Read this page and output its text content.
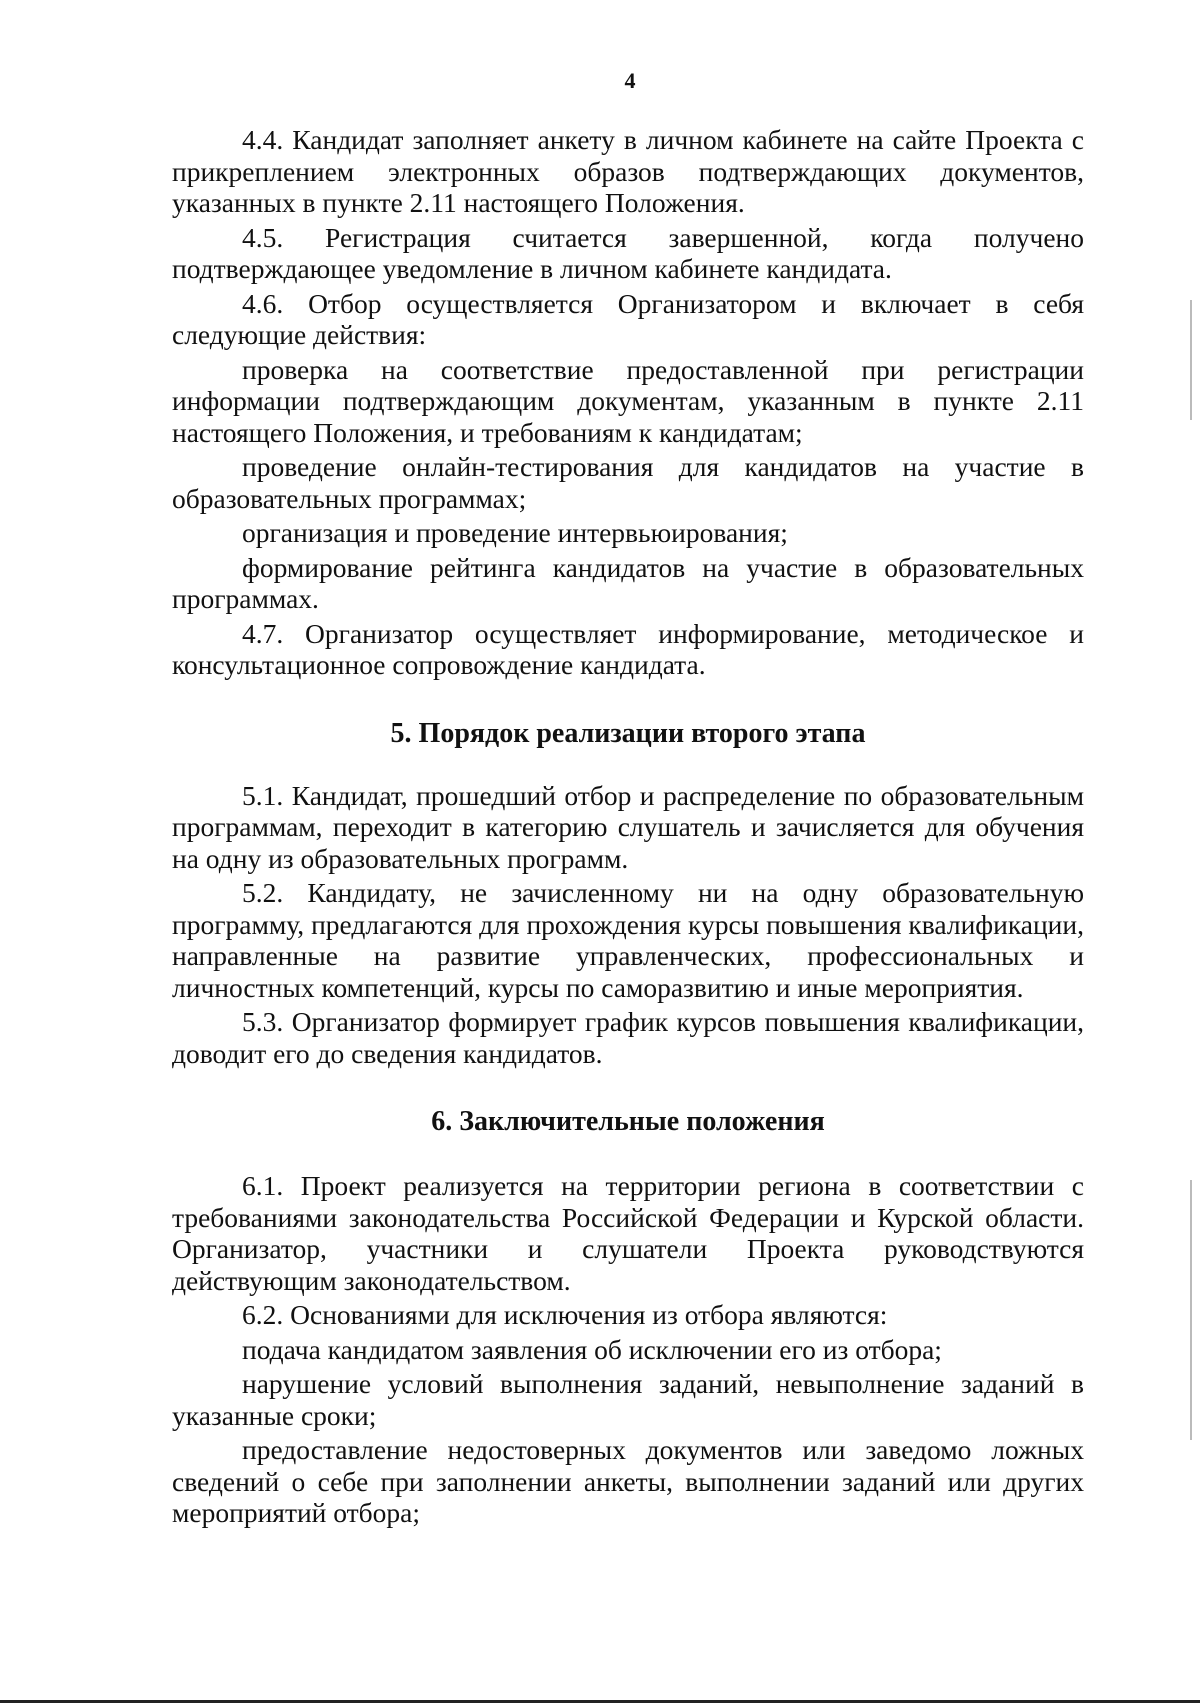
4

4.4. Кандидат заполняет анкету в личном кабинете на сайте Проекта с прикреплением электронных образов подтверждающих документов, указанных в пункте 2.11 настоящего Положения.

4.5. Регистрация считается завершенной, когда получено подтверждающее уведомление в личном кабинете кандидата.

4.6. Отбор осуществляется Организатором и включает в себя следующие действия:

проверка на соответствие предоставленной при регистрации информации подтверждающим документам, указанным в пункте 2.11 настоящего Положения, и требованиям к кандидатам;

проведение онлайн-тестирования для кандидатов на участие в образовательных программах;

организация и проведение интервьюирования;

формирование рейтинга кандидатов на участие в образовательных программах.

4.7. Организатор осуществляет информирование, методическое и консультационное сопровождение кандидата.

5. Порядок реализации второго этапа

5.1. Кандидат, прошедший отбор и распределение по образовательным программам, переходит в категорию слушатель и зачисляется для обучения на одну из образовательных программ.

5.2. Кандидату, не зачисленному ни на одну образовательную программу, предлагаются для прохождения курсы повышения квалификации, направленные на развитие управленческих, профессиональных и личностных компетенций, курсы по саморазвитию и иные мероприятия.

5.3. Организатор формирует график курсов повышения квалификации, доводит его до сведения кандидатов.

6. Заключительные положения

6.1. Проект реализуется на территории региона в соответствии с требованиями законодательства Российской Федерации и Курской области. Организатор, участники и слушатели Проекта руководствуются действующим законодательством.

6.2. Основаниями для исключения из отбора являются:

подача кандидатом заявления об исключении его из отбора;

нарушение условий выполнения заданий, невыполнение заданий в указанные сроки;

предоставление недостоверных документов или заведомо ложных сведений о себе при заполнении анкеты, выполнении заданий или других мероприятий отбора;
